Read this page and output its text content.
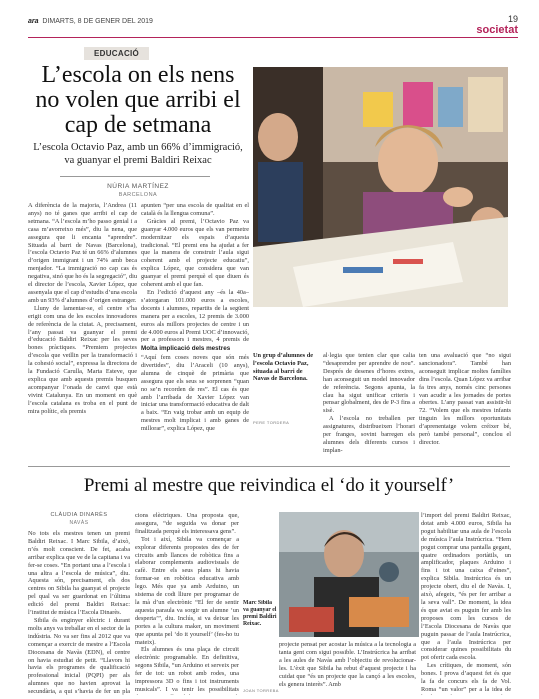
ara DIMARTS, 8 DE GENER DEL 2019	19
societat
EDUCACIÓ
L’escola on els nens no volen que arribi el cap de setmana
L’escola Octavio Paz, amb un 66% d’immigració, va guanyar el premi Baldiri Reixac
NÚRIA MARTÍNEZ
BARCELONA

A diferència de la majoria, l’Andrea (11 anys) no té ganes que arribi el cap de setmana. “A l’escola m’ho passo genial i a casa m’avorreixo més”, diu la nena, que assegura que li encanta “aprendre”. Situada al barri de Navas (Barcelona), l’escola Octavio Paz té un 66% d’alumnes d’origen immigrant i un 74% amb beca menjador. “La immigració no cap cas és negativa, sinó que ho és la segregació”, diu el director de l’escola, Xavier López, que assenyala que el cap d’estudis d’una escola amb un 93% d’alumnes d’origen estranger.

Lluny de lamentar-se, el centre s’ha erigit com una de les escoles innovadores de referència de la ciutat. A, precisament, l’any passat va guanyar el premi d’educació Baldiri Reixac per les seves bones pràctiques. “Premiem projectes d’escola que vetllin per la transformació i la cohesió social”, expressa la directora de la Fundació Carulla, Marta Esteve, que explica que amb aquests premis busquen acompanyar l’onada de canvi que està vivint Catalunya. En un moment en què l’escola catalana es troba en el punt de mira polític, els premis

apunten “per una escola de qualitat en el català és la llengua comuna”.

Gràcies al premi, l’Octavio Paz va guanyar 4.000 euros que els van permetre modernitzar els espais d’aquesta tradicional. “El premi ens ha ajudat a fer que la manera de construir l’aula sigui coherent amb el projecte educatiu”, explica López, que considera que van guanyar el premi perquè el que diuen és coherent amb el que fan.

En l’edició d’aquest any –és la 40a– s’atorgaran 101.000 euros a escoles, docents i alumnes, repartits de la següent manera per a escoles, 12 premis de 3.000 euros als millors projectes de centre i un de 4.000 euros al Premi UOC d’innovació, per a professors i mestres, 4 premis de

Molta implicació dels mestres

“Aquí fem coses noves que són més divertides”, diu l’Araceli (10 anys), alumna de cinquè de primària que assegura que els seus se sorprenen “quan no se’n recorden de res”. El cas és que amb l’arribada de Xavier López van iniciar una transformació educativa de dalt a baix. “En vaig trobar amb un equip de mestres molt implicat i amb ganes de millorar”, explica López, que

Un grup d’alumnes de l’escola Octavio Paz, situada al barri de Navas de Barcelona.
PERE TORDERA

al·legia que tenien clar que calia “desaprendre per aprendre de nou”. Després de desenes d’hores extres, han aconseguit un model innovador de referència. Segons apunta, la clau ha sigut unificar criteris i pensar globalment, des de P-3 fins a sisè.

A l’escola no treballen per assignatures, distribueixen l’horari per franges, sovint barregen els alumnes dels diferents cursos i implan-

ten una avaluació que “no sigui sancionadora”. També han aconseguit implicar moltes famílies dins l’escola. Quan López va arribar fa tres anys, només cinc persones van acudir a les jornades de portes obertes. L’any passat van assistir-hi 72. “Volem que els mestres infants tinguin les millors oportunitats d’aprenentatge volem créixer bé, però també personal”, conclou el director.

Premi al mestre que reivindica el ‘do it yourself’
CLÀUDIA DINARÈS
NAVÀS

No tots els mestres tenen un premi Baldiri Reixac. I Marc Sibila, d’això, n’és molt conscient. De fet, acaba arribar explica que ve de la capitana i va fer-se coses. “En portant una a l’escola i una altra a l’escola de música”, diu. Aquesta són, precisament, els dos centres on Sibila ha guanyat el projecte pel qual va ser guardonat en l’última edició del premi Baldiri Reixac: l’institut de música l’Escola Dinarès.

Sibila és enginyer elèctric i durant molts anys va treballar en el sector de la indústria. No va ser fins al 2012 que va començar a exercir de mestre a l’Escola Diocesana de Navàs (EDN), el centre on havia estudiat de petit. “Llavors hi havia els programes de qualificació professional inicial (PQPI) per als alumnes que no havien aprovat la secundària, a qui s’havia de fer un pla

cions elèctriques. Una proposta que, assegura, “de seguida va donar per finalitzada perquè els interessava gens”.

Tot i així, Sibila va començar a explorar diferents propostes des de fer circuits amb llances de robòtica fins a elaborar complements audiovisuals de cafè. Entre els seus plans hi havia formar-se en robòtica educativa amb lego. Més que ya amb Arduino, un sistema de codi lliure per programar de la mà d’un electrònic “El fer de sentir aquesta paraula va sorgir un alumne ‘un desperta’”, diu. Inclús, si va deixar les portes a la cultura maker, un moviment que apunta pel ‘do it yourself’ (fes-ho tu mateix).

Els alumnes és una plaça de circuït electrònic programable. En definitiva, segons Sibila, “un Arduino et serveix per fer de tot: un robot amb rodes, una impressora 3D o fins i tot instruments musicals”. I va tenir les possibilitats

Marc Sibila va guanyar el premi Baldiri Reixac.
JOAN TORREBA

projecte pensat per acostar la música a la tecnologia a tanta gent com sigui possible. L’Instrúcrica ha arribat a les aules de Navàs amb l’objectiu de revolucionar-les. L’èxit que Sibila ha rebut d’aquest projecte i ha cuidat que “és un projecte que la cançó a les escoles, els genera interès”. Amb

l’import del premi Baldiri Reixac, dotat amb 4.000 euros, Sibila ha pogut habilitar una aula de l’escola de música l’aula Instrúcrica. “Hem pogut comprar una pantalla gegant, quatre ordinadors portàtils, un amplificador, plaques Arduino i fins i tot una caixa d’eines”, explica Sibila. Instrúcrica és un projecte obert, diu el de Navàs. I, això, afegeix, “és per fer arribar a la seva vall”. De moment, la idea és que aviat es puguin fer amb les proposes com les cursos de l’Escola Diocesana de Navàs que puguin passar de l’aula Instrúcrica, que a l’aula Instrúcrica per considerar quines possibilitats du pot oferir cada escola.

Les crítiques, de moment, són bones. I prova d’aquest fet és que la fa de concurs els fa de Vol. Roma “un valor” per a la idea de
